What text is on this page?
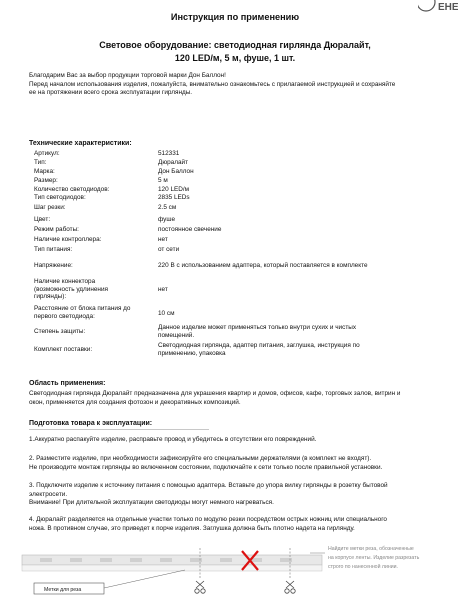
Инструкция по применению
ЕНЕ
Световое оборудование: светодиодная гирлянда Дюралайт,
120 LED/м, 5 м, фуше, 1 шт.
Благодарим Вас за выбор продукции торговой марки Дон Баллон!
Перед началом использования изделия, пожалуйста, внимательно ознакомьтесь с прилагаемой инструкцией и сохраняйте
ее на протяжении всего срока эксплуатации гирлянды.
Технические характеристики:
Артикул:	512331
Тип:	Дюралайт
Марка:	Дон Баллон
Размер:	5 м
Количество светодиодов:	120 LED/м
Тип светодиодов:	2835 LEDs
Шаг резки:	2.5 см
Цвет:	фуше
Режим работы:	постоянное свечение
Наличие контроллера:	нет
Тип питания:	от сети
Напряжение:	220 В с использованием адаптера, который поставляется в комплекте
Наличие коннектора
(возможность удлинения
гирлянды):
нет
Расстояние от блока питания до
первого светодиода:	10 см
Степень защиты:
Данное изделие может применяться только внутри сухих и чистых
помещений.
Комплект поставки:
Светодиодная гирлянда, адаптер питания, заглушка, инструкция по
применению, упаковка
Область применения:
Светодиодная гирлянда Дюралайт предназначена для украшения квартир и домов, офисов, кафе, торговых залов, витрин и
окон, применяется для создания фотозон и декоративных композиций.
Подготовка товара к эксплуатации:
1.Аккуратно распакуйте изделие, расправьте провод и убедитесь в отсутствии его повреждений.
2. Разместите изделие, при необходимости зафиксируйте его специальными держателями (в комплект не входят).
Не производите монтаж гирлянды во включенном состоянии, подключайте к сети только после правильной установки.
3. Подключите изделие к источнику питания с помощью адаптера. Вставьте до упора вилку гирлянды в розетку бытовой
электросети.
Внимание! При длительной эксплуатации светодиоды могут немного нагреваться.
4. Дюралайт разделяется на отдельные участки только по модулю резки посредством острых ножниц или специального
ножа. В противном случае, это приведет к порче изделия. Заглушка должна быть плотно надета на гирлянду.
Метки для реза
Найдите метки реза, обозначенные
на корпусе ленты. Изделие разрезать
строго по нанесенной линии.
